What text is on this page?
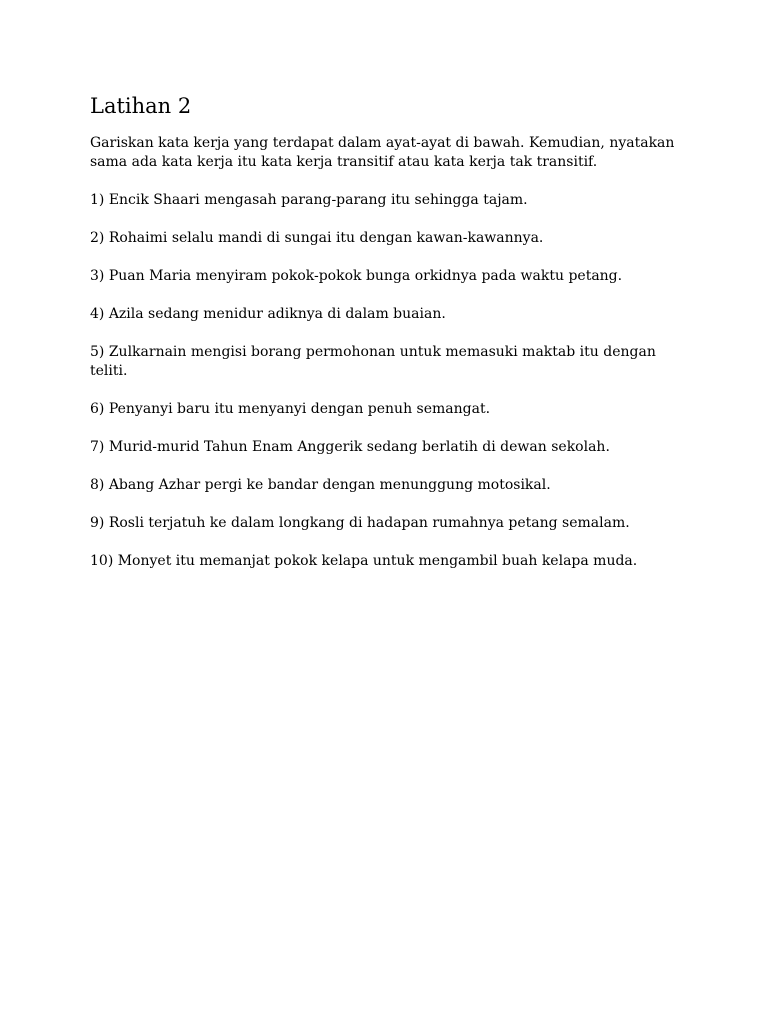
Latihan 2

Gariskan kata kerja yang terdapat dalam ayat-ayat di bawah. Kemudian, nyatakan sama ada kata kerja itu kata kerja transitif atau kata kerja tak transitif.

1) Encik Shaari mengasah parang-parang itu sehingga tajam.
2) Rohaimi selalu mandi di sungai itu dengan kawan-kawannya.
3) Puan Maria menyiram pokok-pokok bunga orkidnya pada waktu petang.
4) Azila sedang menidur adiknya di dalam buaian.
5) Zulkarnain mengisi borang permohonan untuk memasuki maktab itu dengan teliti.
6) Penyanyi baru itu menyanyi dengan penuh semangat.
7) Murid-murid Tahun Enam Anggerik sedang berlatih di dewan sekolah.
8) Abang Azhar pergi ke bandar dengan menunggung motosikal.
9) Rosli terjatuh ke dalam longkang di hadapan rumahnya petang semalam.
10) Monyet itu memanjat pokok kelapa untuk mengambil buah kelapa muda.
